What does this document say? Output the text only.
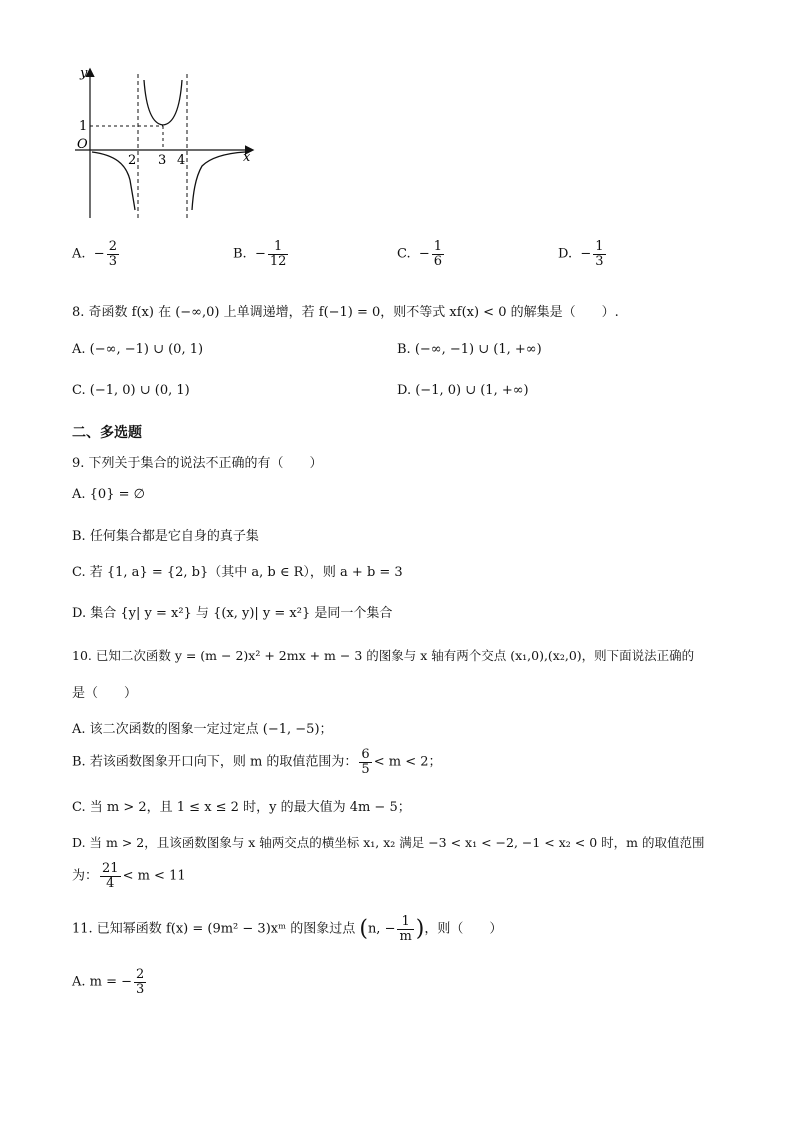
y
x
O
1
2 3 4
A. − $\frac{2}{3}$	B. − $\frac{1}{12}$	C. − $\frac{1}{6}$	D. − $\frac{1}{3}$
8. 奇函数 f(x) 在 (−∞,0) 上单调递增，若 f(−1) = 0，则不等式 xf(x) < 0 的解集是（　　）.
A. (−∞, −1) ∪ (0, 1)	B. (−∞, −1) ∪ (1, +∞)
C. (−1, 0) ∪ (0, 1)	D. (−1, 0) ∪ (1, +∞)
二、多选题
9. 下列关于集合的说法不正确的有（　　）
A. {0} = ∅
B. 任何集合都是它自身的真子集
C. 若 {1, a} = {2, b}（其中 a, b ∈ R），则 a + b = 3
D. 集合 {y| y = x²} 与 {(x, y)| y = x²} 是同一个集合
10. 已知二次函数 y = (m − 2)x² + 2mx + m − 3 的图象与 x 轴有两个交点 (x₁,0),(x₂,0)，则下面说法正确的
是（　　）
A. 该二次函数的图象一定过定点 (−1, −5)；
B. 若该函数图象开口向下，则 m 的取值范围为： $\frac{6}{5} < m < 2$；
C. 当 m > 2，且 1 ≤ x ≤ 2 时，y 的最大值为 4m − 5；
D. 当 m > 2，且该函数图象与 x 轴两交点的横坐标 x₁, x₂ 满足 −3 < x₁ < −2, −1 < x₂ < 0 时，m 的取值范围
为： $\frac{21}{4} < m < 11$
11. 已知幂函数 f(x) = (9m² − 3)xᵐ 的图象过点 (n, − $\frac{1}{m}$ )，则（　　）
A. m = − $\frac{2}{3}$
